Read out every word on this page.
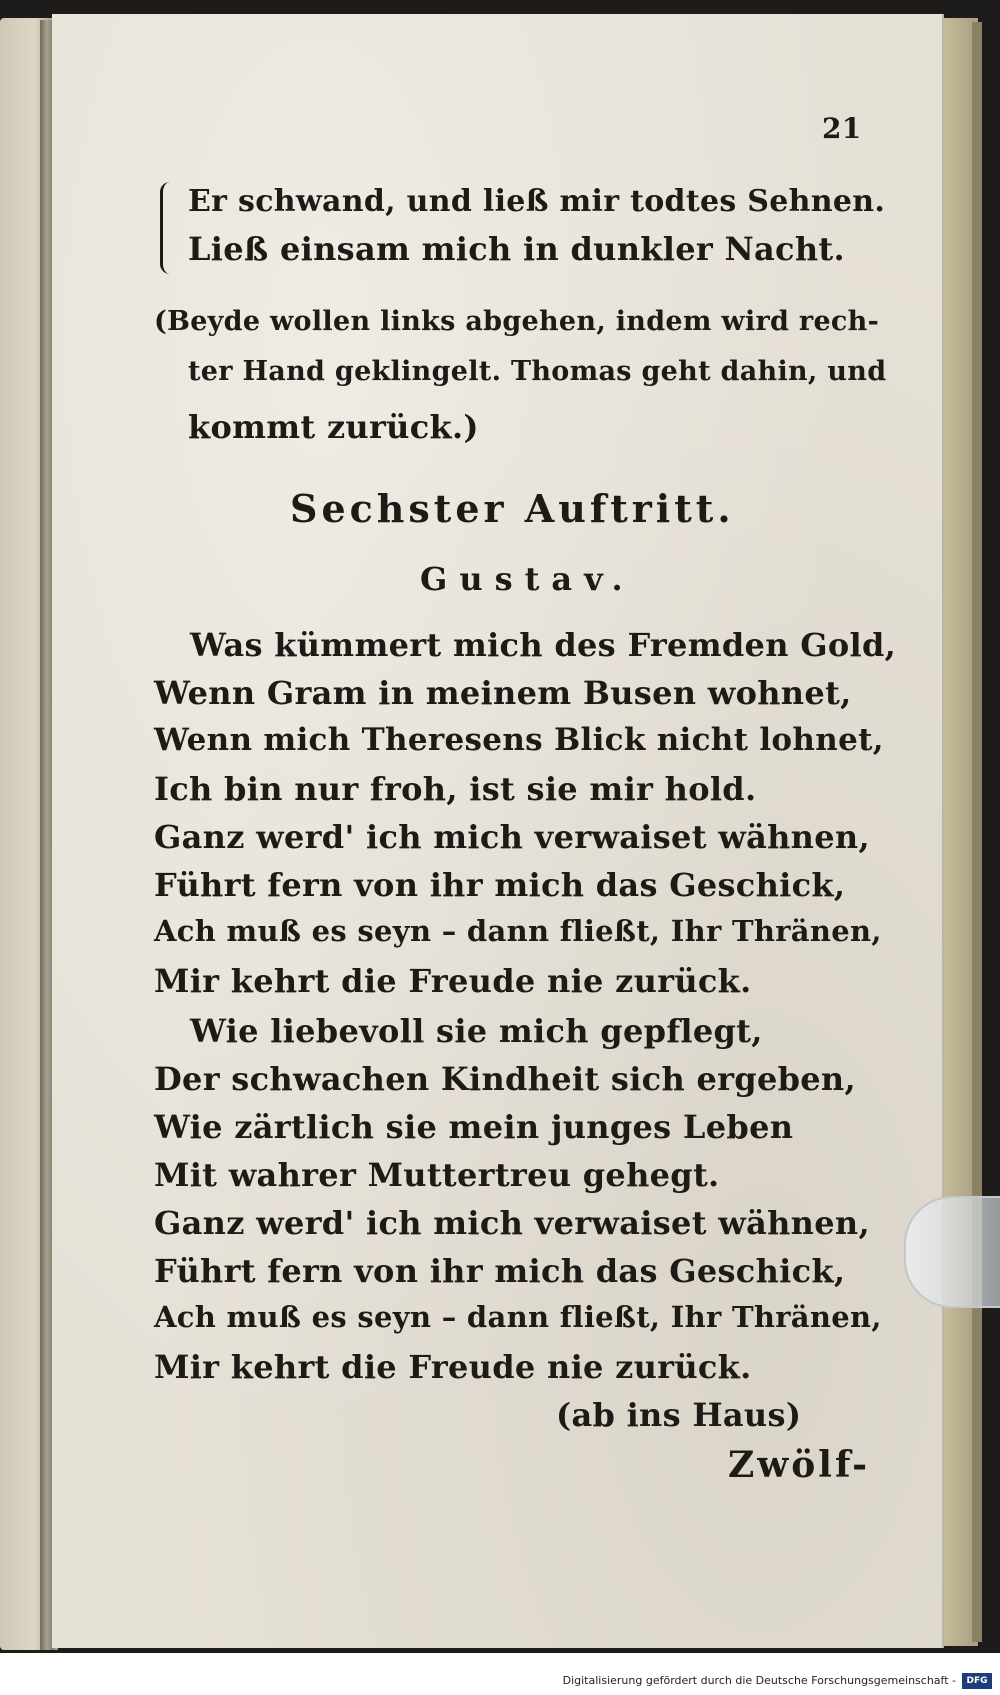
21
Er schwand, und ließ mir todtes Sehnen.
Ließ einsam mich in dunkler Nacht.
(Beyde wollen links abgehen, indem wird rech-
ter Hand geklingelt. Thomas geht dahin, und
kommt zurück.)
Sechster Auftritt.
Gustav.
Was kümmert mich des Fremden Gold,
Wenn Gram in meinem Busen wohnet,
Wenn mich Theresens Blick nicht lohnet,
Ich bin nur froh, ist sie mir hold.
Ganz werd' ich mich verwaiset wähnen,
Führt fern von ihr mich das Geschick,
Ach muß es seyn – dann fließt, Ihr Thränen,
Mir kehrt die Freude nie zurück.
Wie liebevoll sie mich gepflegt,
Der schwachen Kindheit sich ergeben,
Wie zärtlich sie mein junges Leben
Mit wahrer Muttertreu gehegt.
Ganz werd' ich mich verwaiset wähnen,
Führt fern von ihr mich das Geschick,
Ach muß es seyn – dann fließt, Ihr Thränen,
Mir kehrt die Freude nie zurück.
(ab ins Haus)
Zwölf-
Digitalisierung gefördert durch die Deutsche Forschungsgemeinschaft -	DFG
